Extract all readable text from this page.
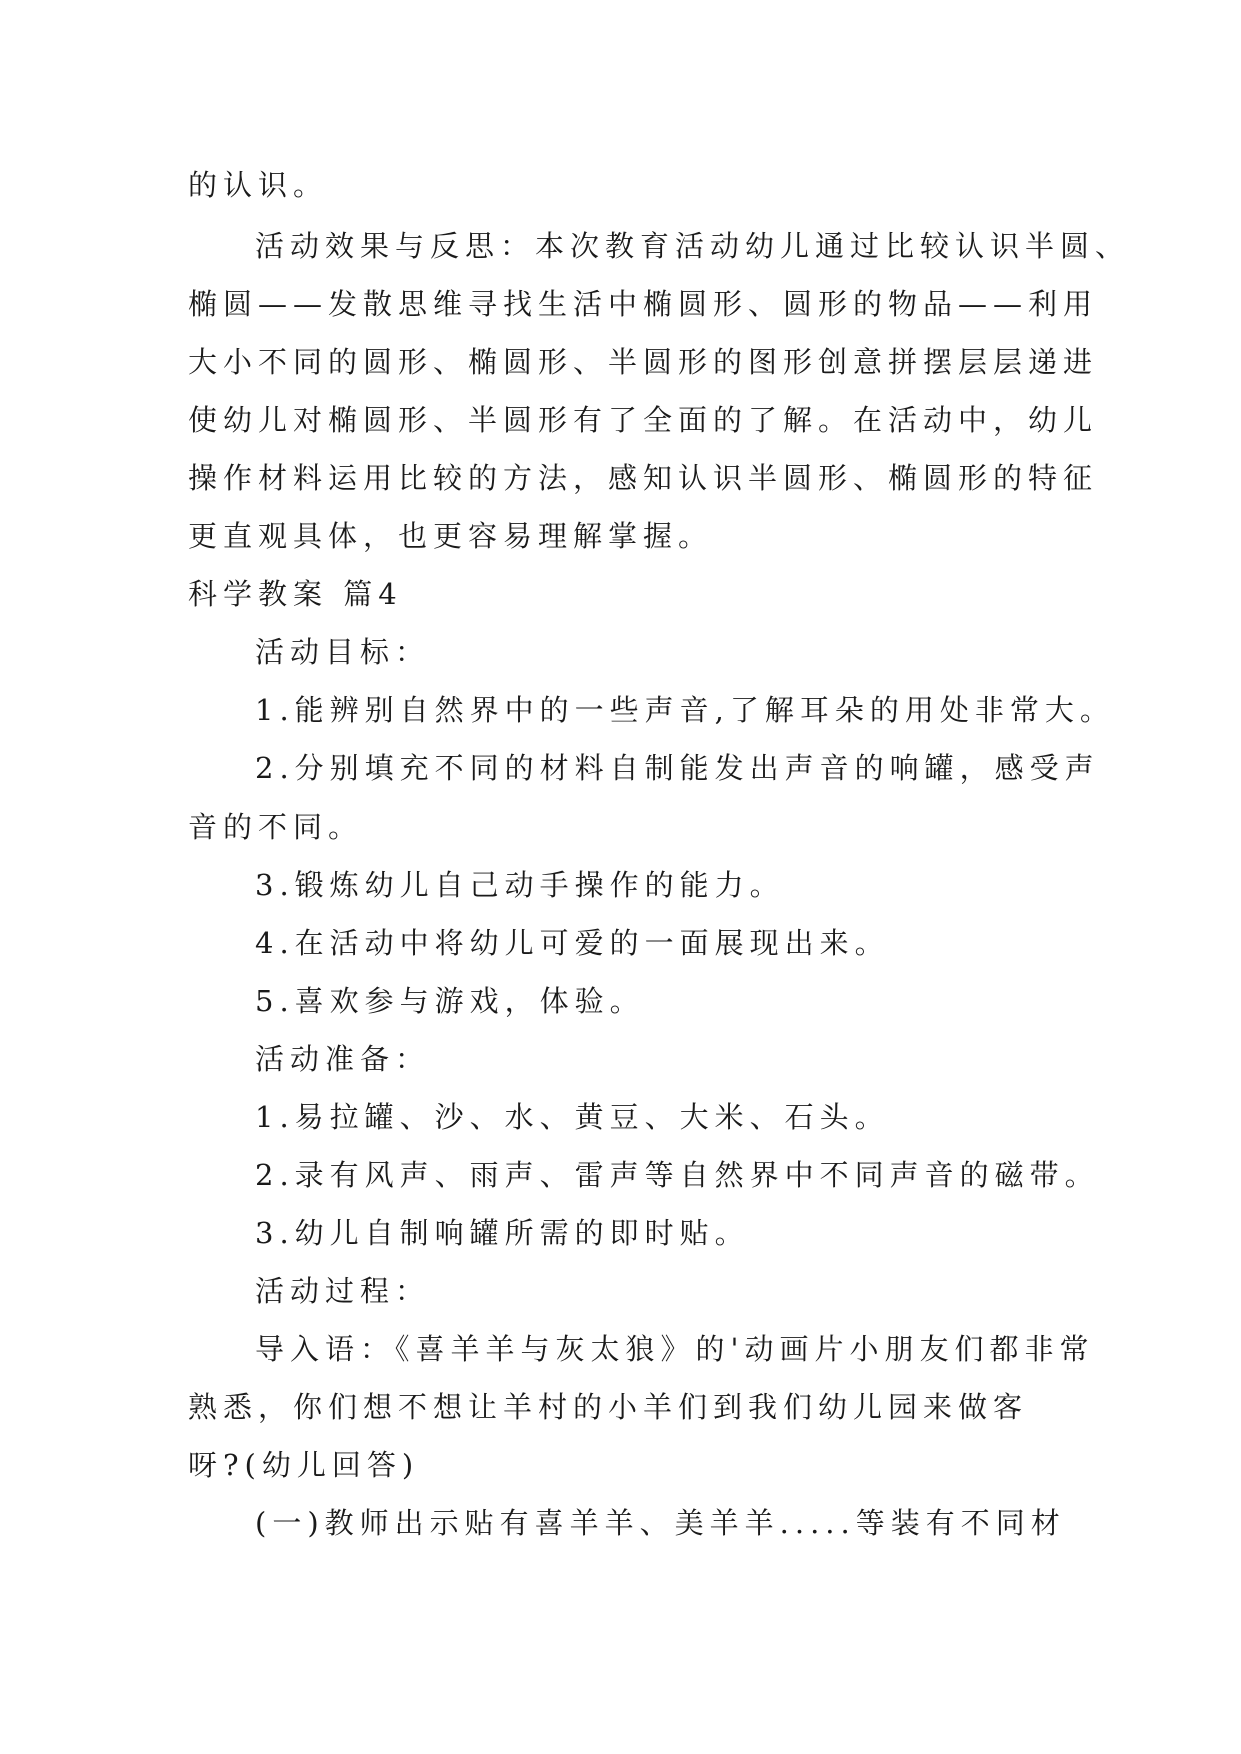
的认识。
活动效果与反思：本次教育活动幼儿通过比较认识半圆、
椭圆——发散思维寻找生活中椭圆形、圆形的物品——利用
大小不同的圆形、椭圆形、半圆形的图形创意拼摆层层递进
使幼儿对椭圆形、半圆形有了全面的了解。在活动中，幼儿
操作材料运用比较的方法，感知认识半圆形、椭圆形的特征
更直观具体，也更容易理解掌握。
科学教案 篇4
活动目标：
1.能辨别自然界中的一些声音,了解耳朵的用处非常大。
2.分别填充不同的材料自制能发出声音的响罐，感受声
音的不同。
3.锻炼幼儿自己动手操作的能力。
4.在活动中将幼儿可爱的一面展现出来。
5.喜欢参与游戏，体验。
活动准备：
1.易拉罐、沙、水、黄豆、大米、石头。
2.录有风声、雨声、雷声等自然界中不同声音的磁带。
3.幼儿自制响罐所需的即时贴。
活动过程：
导入语：《喜羊羊与灰太狼》的'动画片小朋友们都非常
熟悉，你们想不想让羊村的小羊们到我们幼儿园来做客
呀?(幼儿回答)
(一)教师出示贴有喜羊羊、美羊羊.....等装有不同材
